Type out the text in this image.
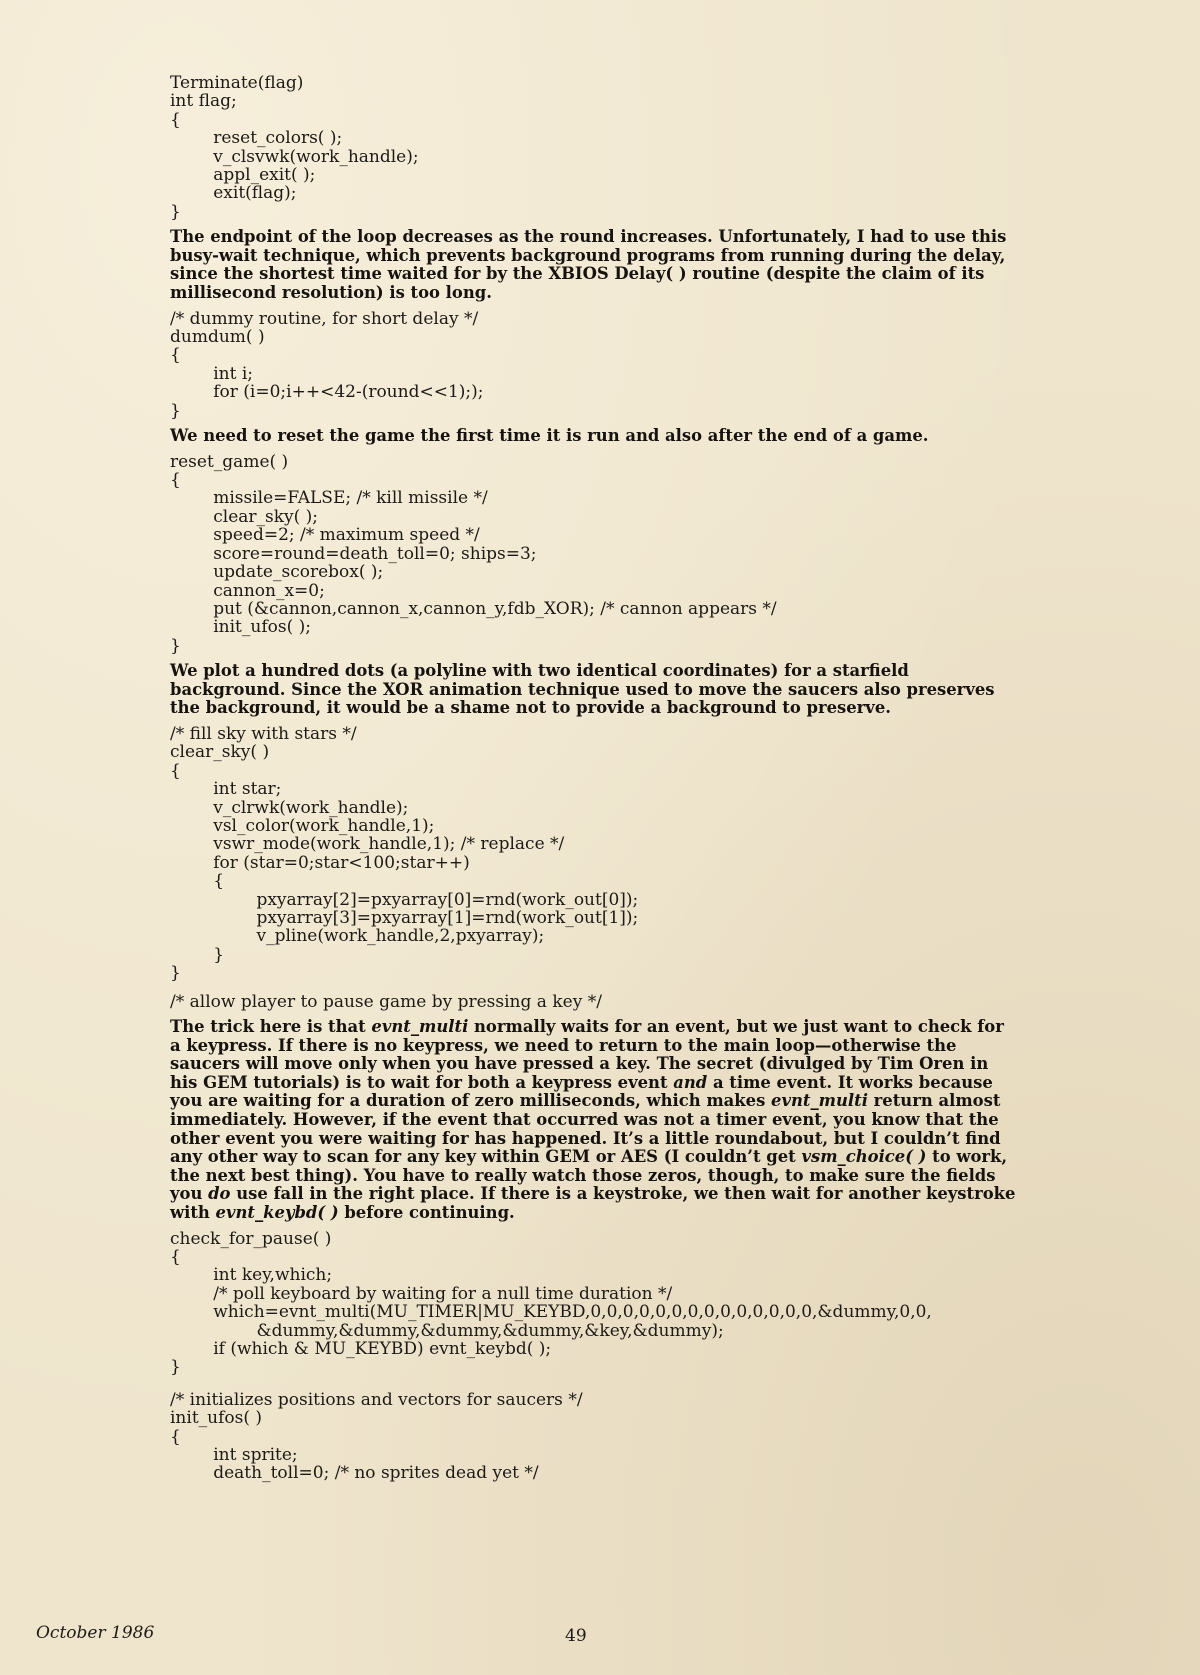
Terminate(flag)
int flag;
{
reset_colors( );
v_clsvwk(work_handle);
appl_exit( );
exit(flag);
}

The endpoint of the loop decreases as the round increases. Unfortunately, I had to use this busy-wait technique, which prevents background programs from running during the delay, since the shortest time waited for by the XBIOS Delay( ) routine (despite the claim of its millisecond resolution) is too long.

/* dummy routine, for short delay */
dumdum( )
{
int i;
for (i=0;i++<42-(round<<1););
}

We need to reset the game the first time it is run and also after the end of a game.

reset_game( )
{
missile=FALSE; /* kill missile */
clear_sky( );
speed=2; /* maximum speed */
score=round=death_toll=0; ships=3;
update_scorebox( );
cannon_x=0;
put (&cannon,cannon_x,cannon_y,fdb_XOR); /* cannon appears */
init_ufos( );
}

We plot a hundred dots (a polyline with two identical coordinates) for a starfield background. Since the XOR animation technique used to move the saucers also preserves the background, it would be a shame not to provide a background to preserve.

/* fill sky with stars */
clear_sky( )
{
int star;
v_clrwk(work_handle);
vsl_color(work_handle,1);
vswr_mode(work_handle,1); /* replace */
for (star=0;star<100;star++)
{
pxyarray[2]=pxyarray[0]=rnd(work_out[0]);
pxyarray[3]=pxyarray[1]=rnd(work_out[1]);
v_pline(work_handle,2,pxyarray);
}
}
/* allow player to pause game by pressing a key */

The trick here is that evnt_multi normally waits for an event, but we just want to check for a keypress. If there is no keypress, we need to return to the main loop—otherwise the saucers will move only when you have pressed a key. The secret (divulged by Tim Oren in his GEM tutorials) is to wait for both a keypress event and a time event. It works because you are waiting for a duration of zero milliseconds, which makes evnt_multi return almost immediately. However, if the event that occurred was not a timer event, you know that the other event you were waiting for has happened. It’s a little roundabout, but I couldn’t find any other way to scan for any key within GEM or AES (I couldn’t get vsm_choice( ) to work, the next best thing). You have to really watch those zeros, though, to make sure the fields you do use fall in the right place. If there is a keystroke, we then wait for another keystroke with evnt_keybd( ) before continuing.

check_for_pause( )
{
int key,which;
/* poll keyboard by waiting for a null time duration */
which=evnt_multi(MU_TIMER|MU_KEYBD,0,0,0,0,0,0,0,0,0,0,0,0,0,0,&dummy,0,0,
&dummy,&dummy,&dummy,&dummy,&key,&dummy);
if (which & MU_KEYBD) evnt_keybd( );
}
/* initializes positions and vectors for saucers */
init_ufos( )
{
int sprite;
death_toll=0; /* no sprites dead yet */
October 1986	49
